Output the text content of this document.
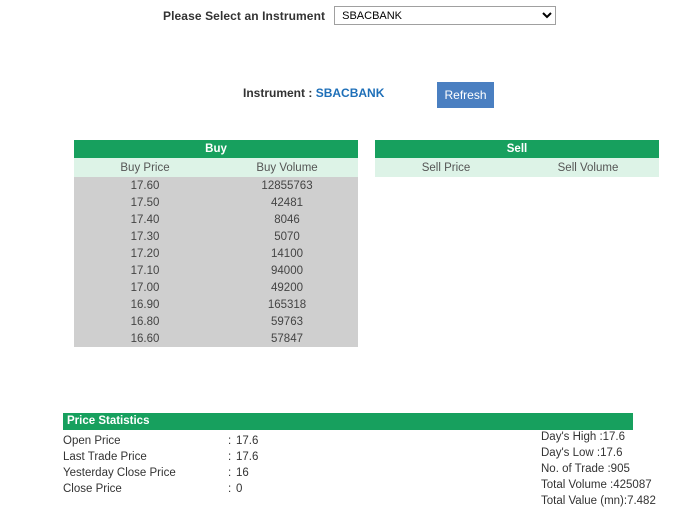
Please Select an Instrument
SBACBANK
Instrument : SBACBANK	Refresh
Buy	
Buy Price	Buy Volume
17.60	12855763
17.50	42481
17.40	8046
17.30	5070
17.20	14100
17.10	94000
17.00	49200
16.90	165318
16.80	59763
16.60	57847
Sell
Sell Price	Sell Volume
Price Statistics
Open Price	: 17.6
Last Trade Price	: 17.6
Yesterday Close Price	: 16
Close Price	: 0
Day's High :17.6
Day's Low :17.6
No. of Trade :905
Total Volume :425087
Total Value (mn):7.482
